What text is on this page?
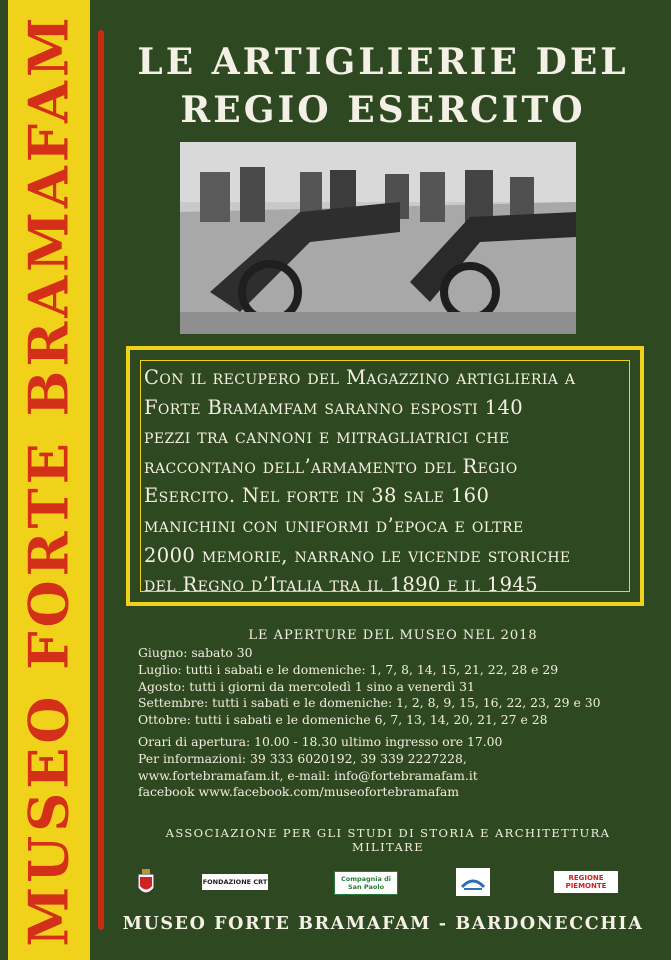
MUSEO FORTE BRAMAFAM	LE ARTIGLIERIE DEL
REGIO ESERCITO
Con il recupero del Magazzino artiglieria a
Forte Bramamfam saranno esposti 140
pezzi tra cannoni e mitragliatrici che
raccontano dell’armamento del Regio
Esercito. Nel forte in 38 sale 160
manichini con uniformi d’epoca e oltre
2000 memorie, narrano le vicende storiche
del Regno d’Italia tra il 1890 e il 1945
LE APERTURE DEL MUSEO NEL 2018
Giugno: sabato 30
Luglio: tutti i sabati e le domeniche: 1, 7, 8, 14, 15, 21, 22, 28 e 29
Agosto: tutti i giorni da mercoledì 1 sino a venerdì 31
Settembre: tutti i sabati e le domeniche: 1, 2, 8, 9, 15, 16, 22, 23, 29 e 30
Ottobre: tutti i sabati e le domeniche 6, 7, 13, 14, 20, 21, 27 e 28
Orari di apertura: 10.00 - 18.30 ultimo ingresso ore 17.00
Per informazioni: 39 333 6020192, 39 339 2227228,
www.fortebramafam.it, e-mail: info@fortebramafam.it
facebook www.facebook.com/museofortebramafam
ASSOCIAZIONE PER GLI STUDI DI STORIA E ARCHITETTURA MILITARE
FONDAZIONE CRT	Compagnia di San Paolo
REGIONE PIEMONTE
MUSEO FORTE BRAMAFAM - BARDONECCHIA
